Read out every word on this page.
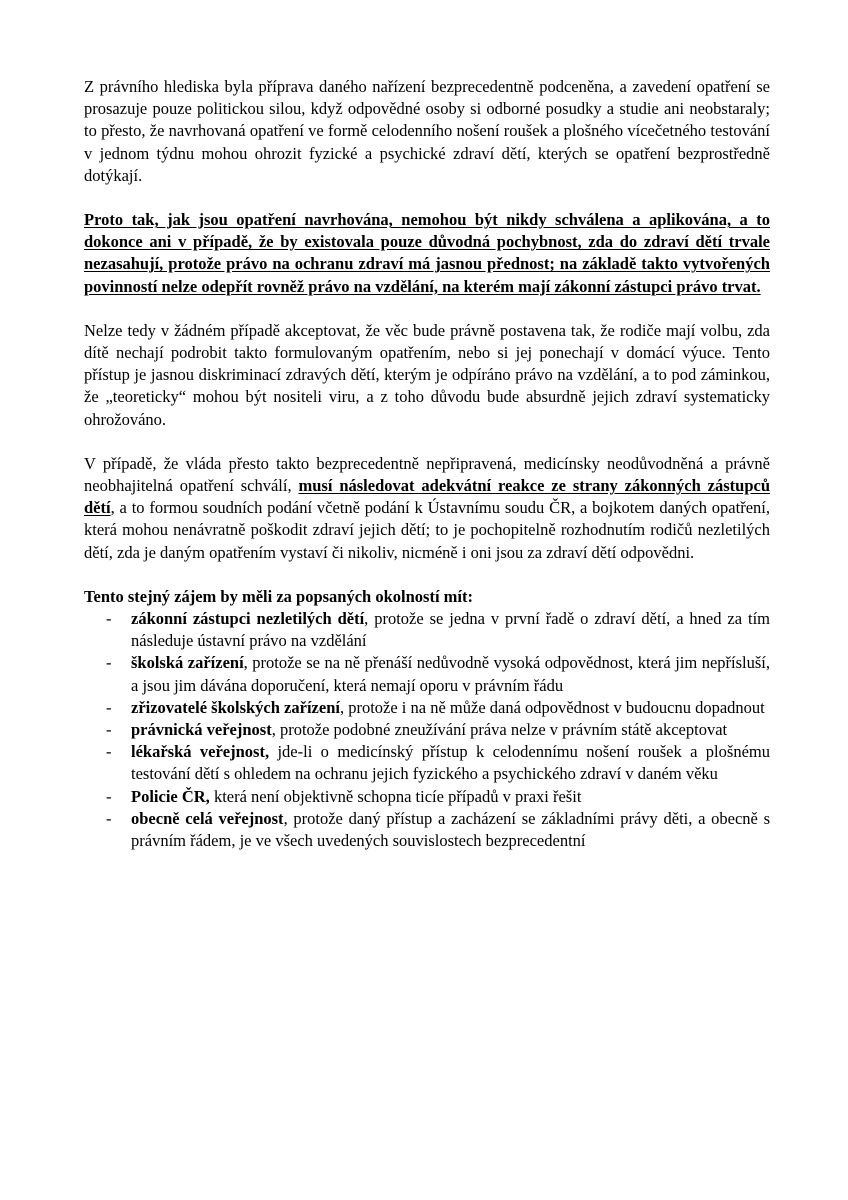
Z právního hlediska byla příprava daného nařízení bezprecedentně podceněna, a zavedení opatření se prosazuje pouze politickou silou, když odpovědné osoby si odborné posudky a studie ani neobstaraly; to přesto, že navrhovaná opatření ve formě celodenního nošení roušek a plošného vícečetného testování v jednom týdnu mohou ohrozit fyzické a psychické zdraví dětí, kterých se opatření bezprostředně dotýkají.

Proto tak, jak jsou opatření navrhována, nemohou být nikdy schválena a aplikována, a to dokonce ani v případě, že by existovala pouze důvodná pochybnost, zda do zdraví dětí trvale nezasahují, protože právo na ochranu zdraví má jasnou přednost; na základě takto vytvořených povinností nelze odepřít rovněž právo na vzdělání, na kterém mají zákonní zástupci právo trvat.

Nelze tedy v žádném případě akceptovat, že věc bude právně postavena tak, že rodiče mají volbu, zda dítě nechají podrobit takto formulovaným opatřením, nebo si jej ponechají v domácí výuce. Tento přístup je jasnou diskriminací zdravých dětí, kterým je odpíráno právo na vzdělání, a to pod záminkou, že „teoreticky“ mohou být nositeli viru, a z toho důvodu bude absurdně jejich zdraví systematicky ohrožováno.

V případě, že vláda přesto takto bezprecedentně nepřipravená, medicínsky neodůvodněná a právně neobhajitelná opatření schválí, musí následovat adekvátní reakce ze strany zákonných zástupců dětí, a to formou soudních podání včetně podání k Ústavnímu soudu ČR, a bojkotem daných opatření, která mohou nenávratně poškodit zdraví jejich dětí; to je pochopitelně rozhodnutím rodičů nezletilých dětí, zda je daným opatřením vystaví či nikoliv, nicméně i oni jsou za zdraví dětí odpovědni.

Tento stejný zájem by měli za popsaných okolností mít:

- zákonní zástupci nezletilých dětí, protože se jedna v první řadě o zdraví dětí, a hned za tím následuje ústavní právo na vzdělání
- školská zařízení, protože se na ně přenáší nedůvodně vysoká odpovědnost, která jim nepřísluší, a jsou jim dávána doporučení, která nemají oporu v právním řádu
- zřizovatelé školských zařízení, protože i na ně může daná odpovědnost v budoucnu dopadnout
- právnická veřejnost, protože podobné zneužívání práva nelze v právním státě akceptovat
- lékařská veřejnost, jde-li o medicínský přístup k celodennímu nošení roušek a plošnému testování dětí s ohledem na ochranu jejich fyzického a psychického zdraví v daném věku
- Policie ČR, která není objektivně schopna ticíe případů v praxi řešit
- obecně celá veřejnost, protože daný přístup a zacházení se základními právy děti, a obecně s právním řádem, je ve všech uvedených souvislostech bezprecedentní
